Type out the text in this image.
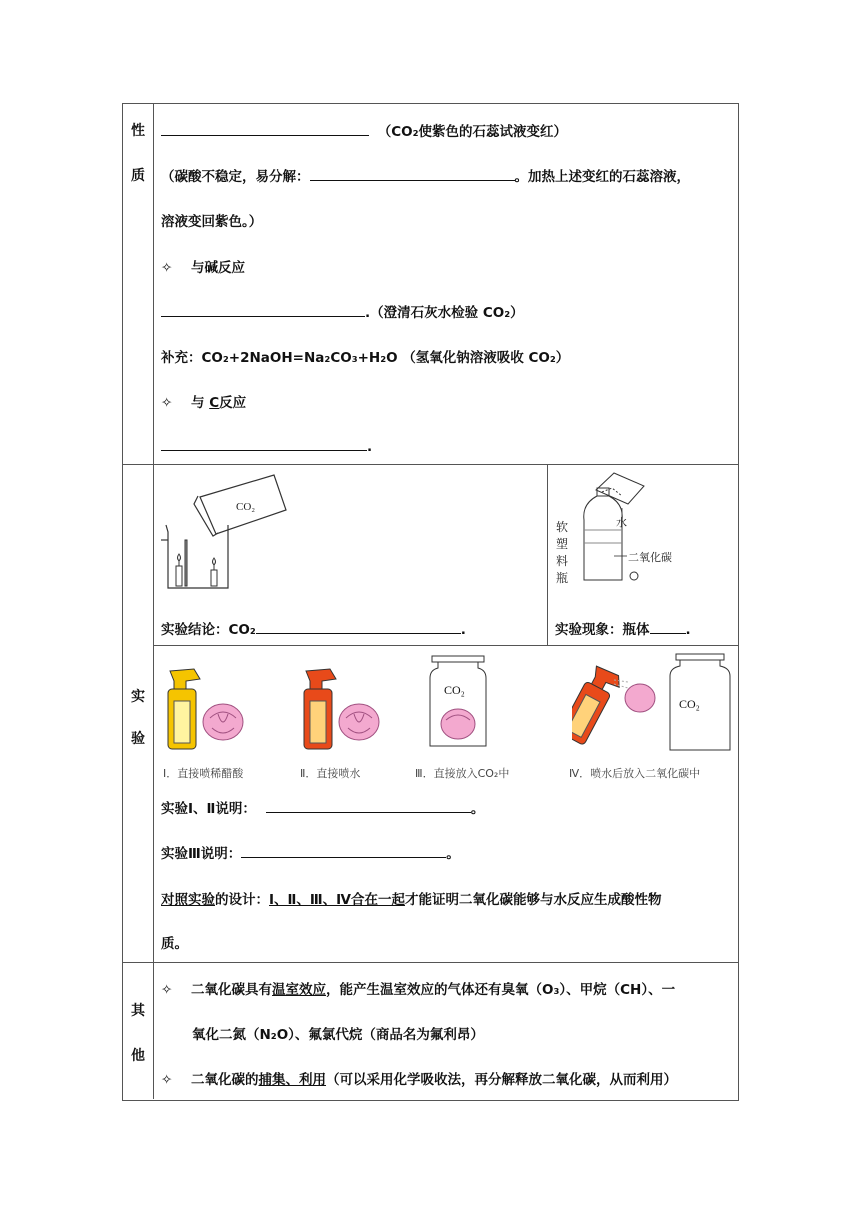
性
质
实
验
其
他
（CO₂使紫色的石蕊试液变红）
（碳酸不稳定，易分解：	。加热上述变红的石蕊溶液，
溶液变回紫色。）
✧ 与碱反应
.（澄清石灰水检验 CO₂）
补充：CO₂+2NaOH=Na₂CO₃+H₂O （氢氧化钠溶液吸收 CO₂）
✧ 与 C反应
.
CO₂
实验结论：CO₂	.
软
塑
料
瓶
水
二氧化碳
实验现象：瓶体	.
CO₂
CO₂
Ⅰ．直接喷稀醋酸	Ⅱ．直接喷水	Ⅲ．直接放入CO₂中	Ⅳ．喷水后放入二氧化碳中
实验Ⅰ、Ⅱ说明：	。
实验Ⅲ说明：	。
对照实验的设计：Ⅰ、Ⅱ、Ⅲ、Ⅳ合在一起才能证明二氧化碳能够与水反应生成酸性物
质。
✧ 二氧化碳具有温室效应，能产生温室效应的气体还有臭氧（O₃）、甲烷（CH）、一
氧化二氮（N₂O）、氟氯代烷（商品名为氟利昂）
✧ 二氧化碳的捕集、利用（可以采用化学吸收法，再分解释放二氧化碳，从而利用）
